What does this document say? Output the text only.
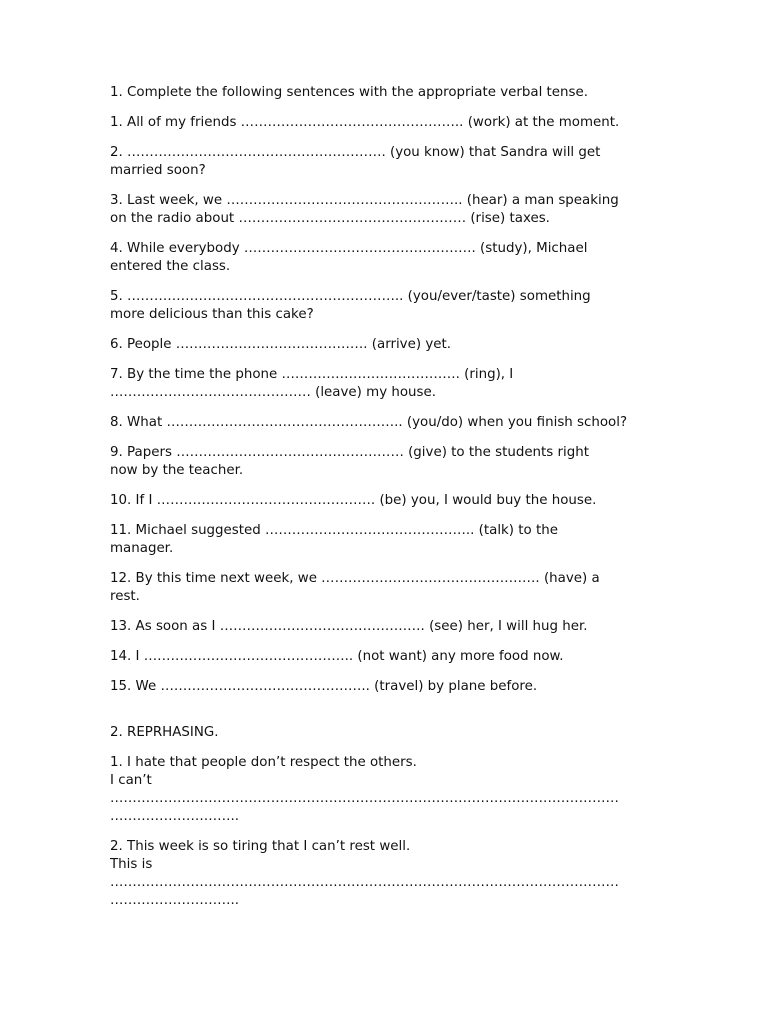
1. Complete the following sentences with the appropriate verbal tense.
1. All of my friends ………………………………………….. (work) at the moment.
2. …………………………………………………. (you know) that Sandra will get
married soon?
3. Last week, we …………………………………………….. (hear) a man speaking
on the radio about …………………………………………… (rise) taxes.
4. While everybody ……………………………………………. (study), Michael
entered the class.
5. …………………………………………………….. (you/ever/taste) something
more delicious than this cake?
6. People ……………………………………. (arrive) yet.
7. By the time the phone …………………………………. (ring), I
……………………………………… (leave) my house.
8. What …………………………………………….. (you/do) when you finish school?
9. Papers …………………………………………… (give) to the students right
now by the teacher.
10. If I …………………………………………. (be) you, I would buy the house.
11. Michael suggested ……………………………………….. (talk) to the
manager.
12. By this time next week, we …………………………………………. (have) a
rest.
13. As soon as I ………………………………………. (see) her, I will hug her.
14. I ……………………………………….. (not want) any more food now.
15. We ……………………………………….. (travel) by plane before.
2. REPRHASING.
1. I hate that people don’t respect the others.
I can’t
……………………………………………………………………………………………………
………………………..
2. This week is so tiring that I can’t rest well.
This is
……………………………………………………………………………………………………
………………………..
